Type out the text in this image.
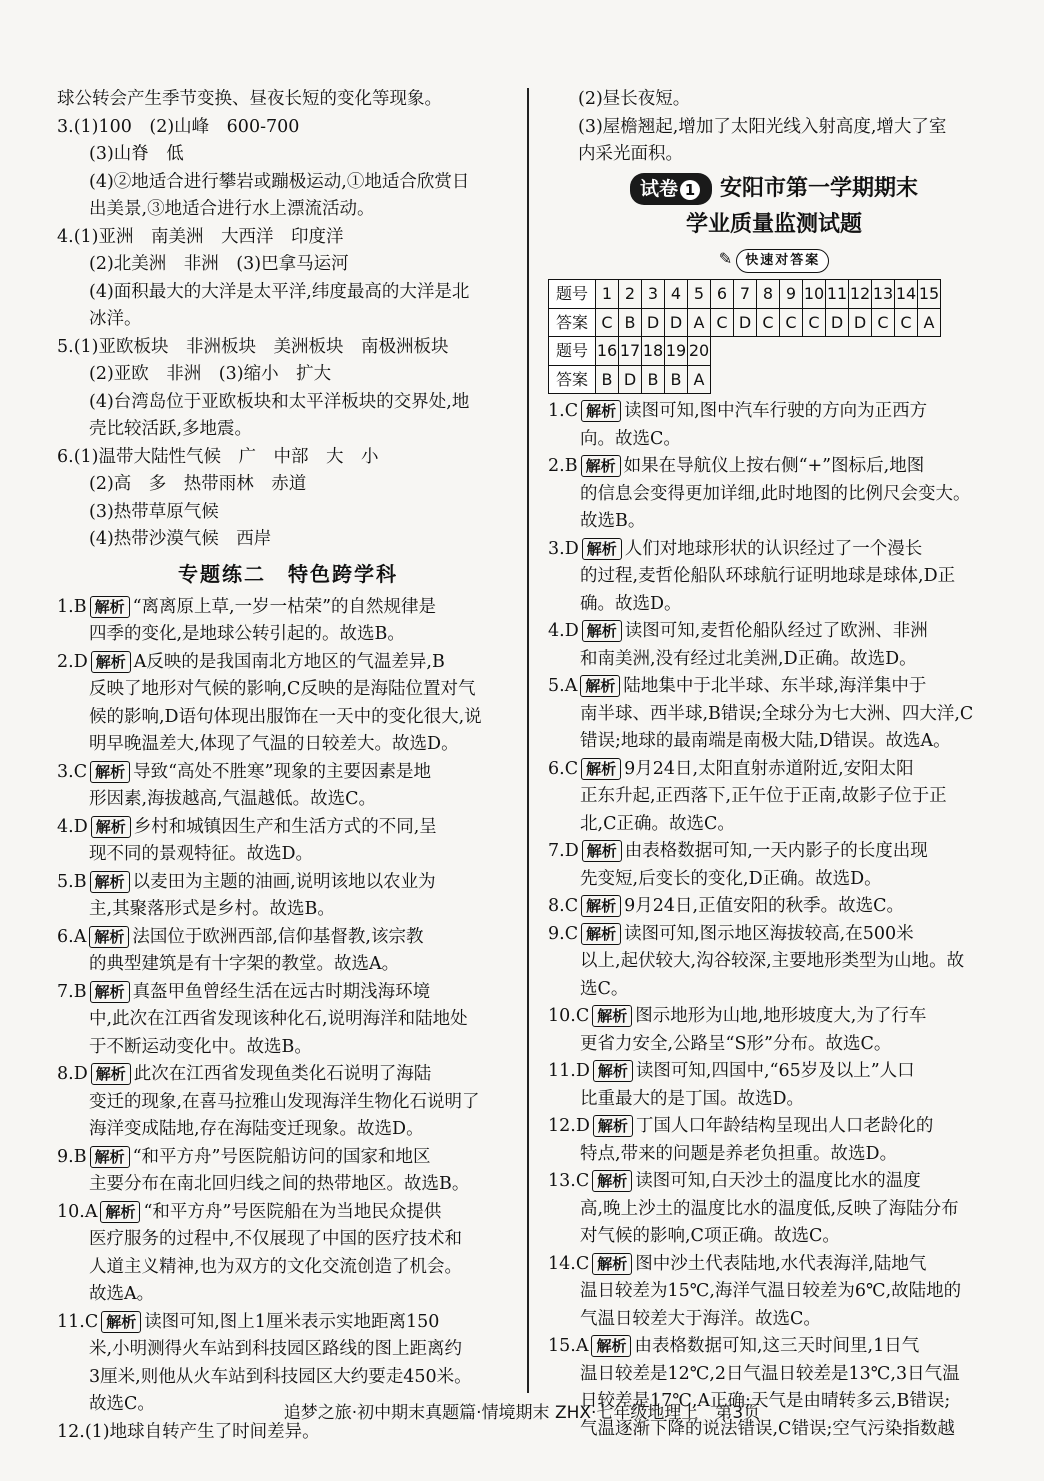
球公转会产生季节变换、昼夜长短的变化等现象。
3.(1)100　(2)山峰　600-700
(3)山脊　低
(4)②地适合进行攀岩或蹦极运动,①地适合欣赏日
出美景,③地适合进行水上漂流活动。
4.(1)亚洲　南美洲　大西洋　印度洋
(2)北美洲　非洲　(3)巴拿马运河
(4)面积最大的大洋是太平洋,纬度最高的大洋是北
冰洋。
5.(1)亚欧板块　非洲板块　美洲板块　南极洲板块
(2)亚欧　非洲　(3)缩小　扩大
(4)台湾岛位于亚欧板块和太平洋板块的交界处,地
壳比较活跃,多地震。
6.(1)温带大陆性气候　广　中部　大　小
(2)高　多　热带雨林　赤道
(3)热带草原气候
(4)热带沙漠气候　西岸
专题练二　特色跨学科
1.B 解析 “离离原上草,一岁一枯荣”的自然规律是
四季的变化,是地球公转引起的。故选B。
2.D 解析 A反映的是我国南北方地区的气温差异,B
反映了地形对气候的影响,C反映的是海陆位置对气
候的影响,D语句体现出服饰在一天中的变化很大,说
明早晚温差大,体现了气温的日较差大。故选D。
3.C 解析 导致“高处不胜寒”现象的主要因素是地
形因素,海拔越高,气温越低。故选C。
4.D 解析 乡村和城镇因生产和生活方式的不同,呈
现不同的景观特征。故选D。
5.B 解析 以麦田为主题的油画,说明该地以农业为
主,其聚落形式是乡村。故选B。
6.A 解析 法国位于欧洲西部,信仰基督教,该宗教
的典型建筑是有十字架的教堂。故选A。
7.B 解析 真盔甲鱼曾经生活在远古时期浅海环境
中,此次在江西省发现该种化石,说明海洋和陆地处
于不断运动变化中。故选B。
8.D 解析 此次在江西省发现鱼类化石说明了海陆
变迁的现象,在喜马拉雅山发现海洋生物化石说明了
海洋变成陆地,存在海陆变迁现象。故选D。
9.B 解析 “和平方舟”号医院船访问的国家和地区
主要分布在南北回归线之间的热带地区。故选B。
10.A 解析 “和平方舟”号医院船在为当地民众提供
医疗服务的过程中,不仅展现了中国的医疗技术和
人道主义精神,也为双方的文化交流创造了机会。
故选A。
11.C 解析 读图可知,图上1厘米表示实地距离150
米,小明测得火车站到科技园区路线的图上距离约
3厘米,则他从火车站到科技园区大约要走450米。
故选C。
12.(1)地球自转产生了时间差异。
(2)昼长夜短。
(3)屋檐翘起,增加了太阳光线入射高度,增大了室
内采光面积。
试卷 1 安阳市第一学期期末
学业质量监测试题
✎ 快速对答案
题号	1	2	3	4	5	6	7	8	9	10	11	12	13	14	15
答案	C	B	D	D	A	C	D	C	C	C	D	D	C	C	A
题号	16	17	18	19	20										
答案	B	D	B	B	A										
1.C 解析 读图可知,图中汽车行驶的方向为正西方
向。故选C。
2.B 解析 如果在导航仪上按右侧“+”图标后,地图
的信息会变得更加详细,此时地图的比例尺会变大。
故选B。
3.D 解析 人们对地球形状的认识经过了一个漫长
的过程,麦哲伦船队环球航行证明地球是球体,D正
确。故选D。
4.D 解析 读图可知,麦哲伦船队经过了欧洲、非洲
和南美洲,没有经过北美洲,D正确。故选D。
5.A 解析 陆地集中于北半球、东半球,海洋集中于
南半球、西半球,B错误;全球分为七大洲、四大洋,C
错误;地球的最南端是南极大陆,D错误。故选A。
6.C 解析 9月24日,太阳直射赤道附近,安阳太阳
正东升起,正西落下,正午位于正南,故影子位于正
北,C正确。故选C。
7.D 解析 由表格数据可知,一天内影子的长度出现
先变短,后变长的变化,D正确。故选D。
8.C 解析 9月24日,正值安阳的秋季。故选C。
9.C 解析 读图可知,图示地区海拔较高,在500米
以上,起伏较大,沟谷较深,主要地形类型为山地。故
选C。
10.C 解析 图示地形为山地,地形坡度大,为了行车
更省力安全,公路呈“S形”分布。故选C。
11.D 解析 读图可知,四国中,“65岁及以上”人口
比重最大的是丁国。故选D。
12.D 解析 丁国人口年龄结构呈现出人口老龄化的
特点,带来的问题是养老负担重。故选D。
13.C 解析 读图可知,白天沙土的温度比水的温度
高,晚上沙土的温度比水的温度低,反映了海陆分布
对气候的影响,C项正确。故选C。
14.C 解析 图中沙土代表陆地,水代表海洋,陆地气
温日较差为15℃,海洋气温日较差为6℃,故陆地的
气温日较差大于海洋。故选C。
15.A 解析 由表格数据可知,这三天时间里,1日气
温日较差是12℃,2日气温日较差是13℃,3日气温
日较差是17℃,A正确;天气是由晴转多云,B错误;
气温逐渐下降的说法错误,C错误;空气污染指数越
追梦之旅·初中期末真题篇·情境期末 ZHX·七年级地理上　第3页
